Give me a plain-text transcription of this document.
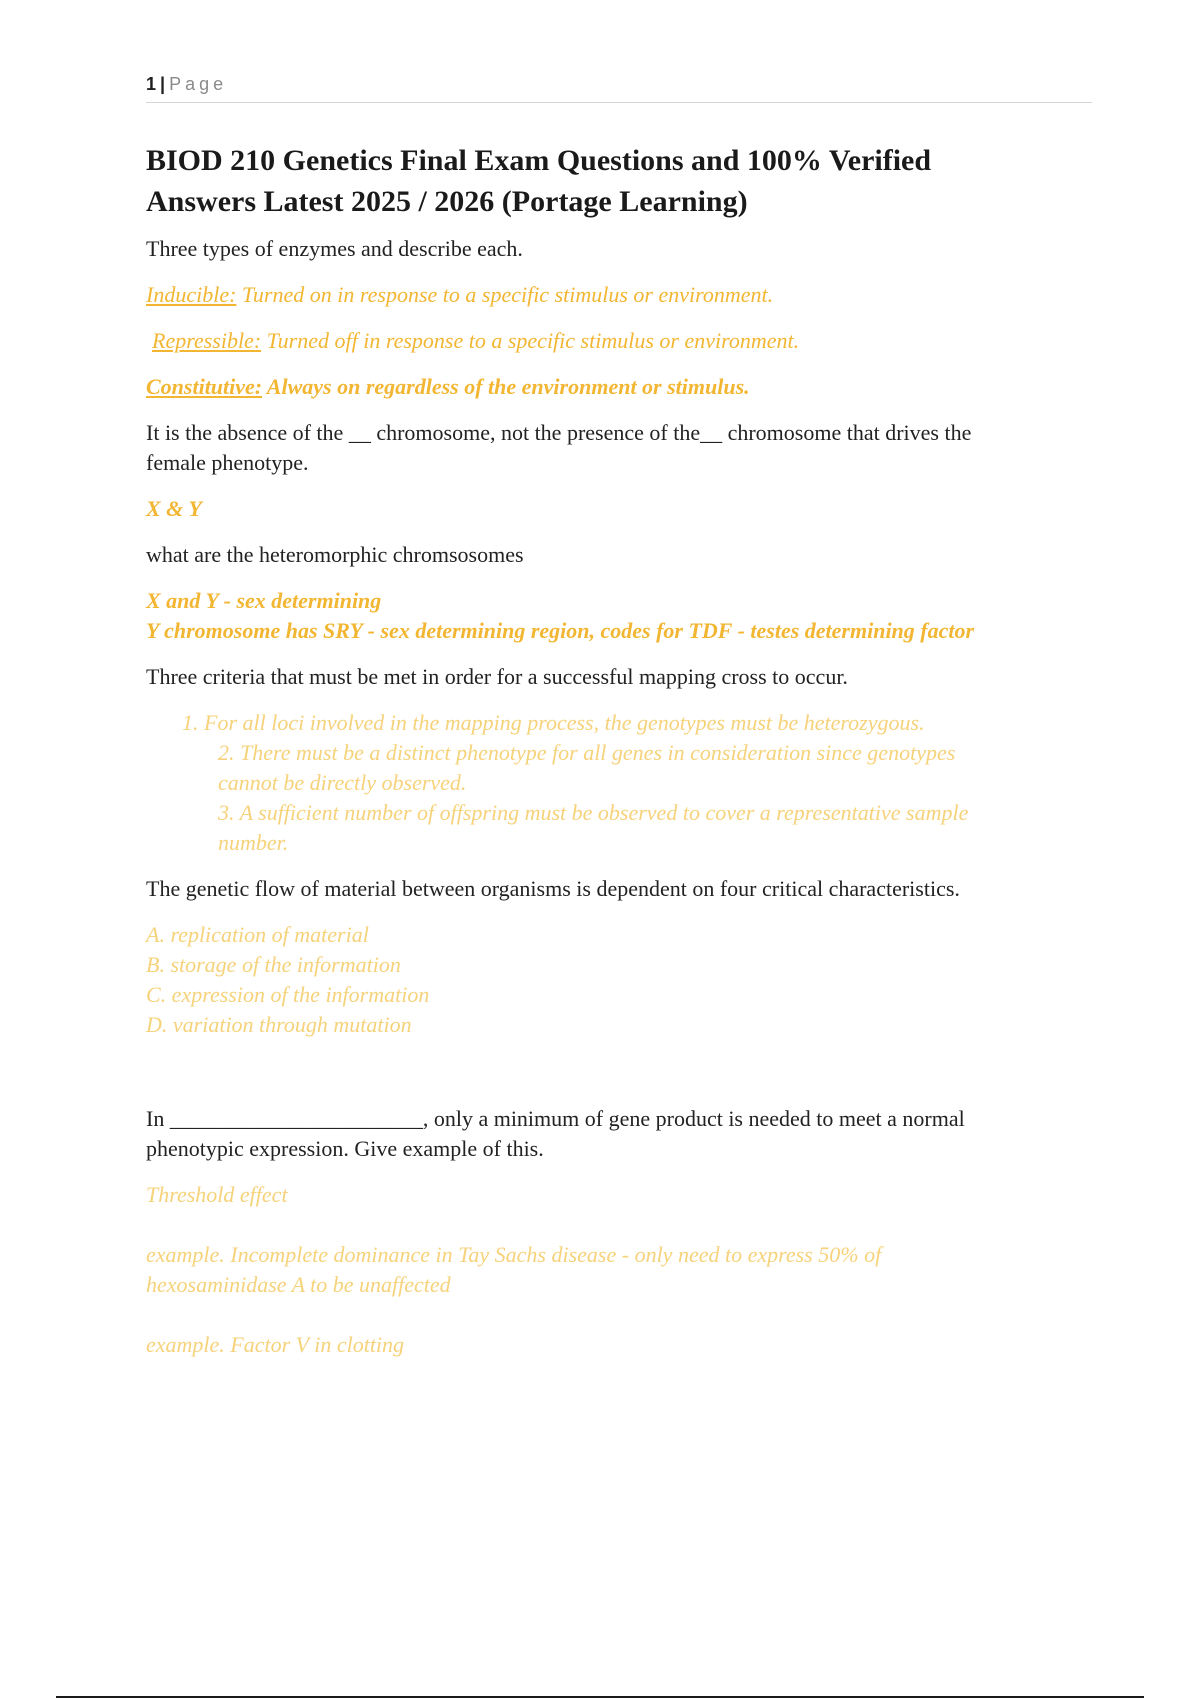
1 | Page
BIOD 210 Genetics Final Exam Questions and 100% Verified
Answers Latest 2025 / 2026 (Portage Learning)

Three types of enzymes and describe each.

Inducible: Turned on in response to a specific stimulus or environment.

Repressible: Turned off in response to a specific stimulus or environment.

Constitutive: Always on regardless of the environment or stimulus.

It is the absence of the __ chromosome, not the presence of the__ chromosome that drives the
female phenotype.

X & Y

what are the heteromorphic chromsosomes

X and Y - sex determining
Y chromosome has SRY - sex determining region, codes for TDF - testes determining factor

Three criteria that must be met in order for a successful mapping cross to occur.

1. For all loci involved in the mapping process, the genotypes must be heterozygous.
2. There must be a distinct phenotype for all genes in consideration since genotypes
cannot be directly observed.
3. A sufficient number of offspring must be observed to cover a representative sample
number.

The genetic flow of material between organisms is dependent on four critical characteristics.

A. replication of material
B. storage of the information
C. expression of the information
D. variation through mutation

In _______________________, only a minimum of gene product is needed to meet a normal
phenotypic expression. Give example of this.

Threshold effect

example. Incomplete dominance in Tay Sachs disease - only need to express 50% of
hexosaminidase A to be unaffected

example. Factor V in clotting
